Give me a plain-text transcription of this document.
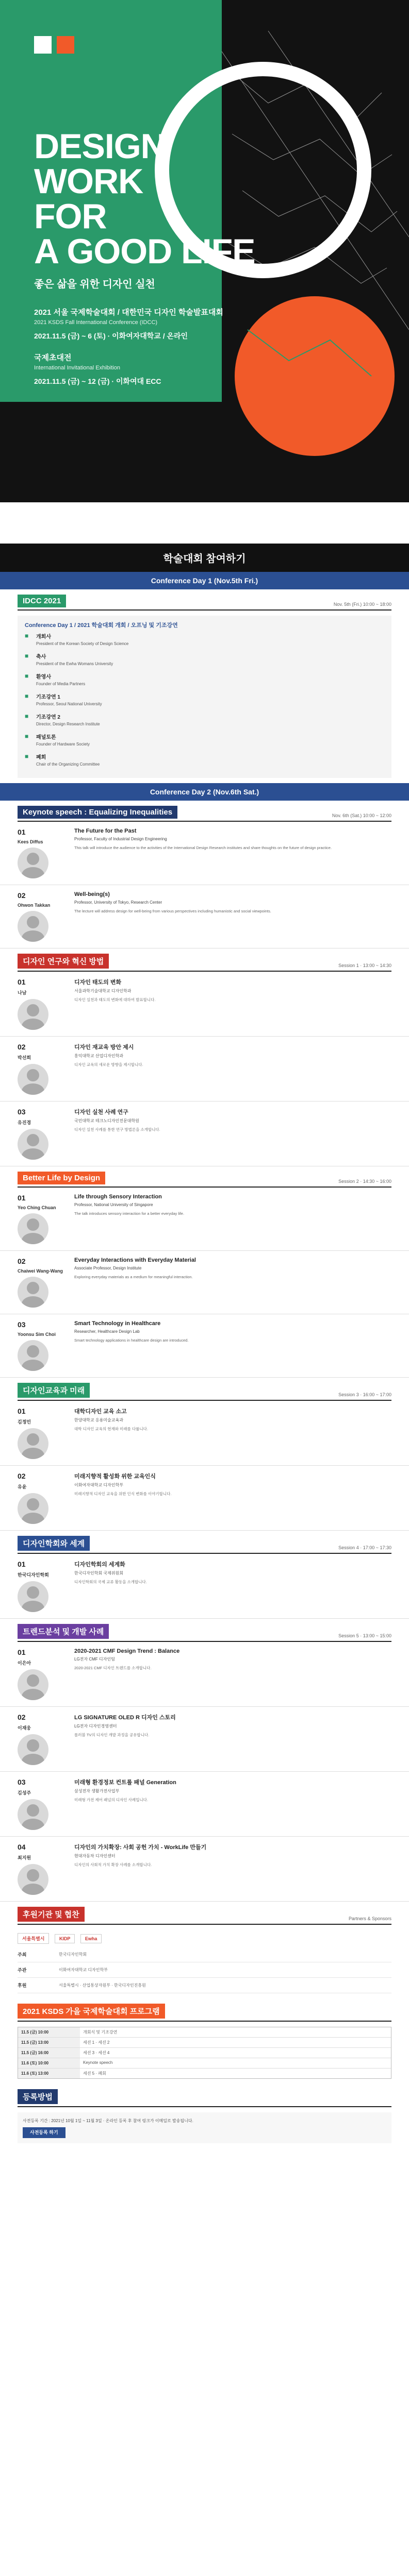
DESIGN
WORK
FOR
A GOOD LIFE
좋은 삶을 위한 디자인 실천
2021 서울 국제학술대회 / 대한민국 디자인 학술발표대회
2021 KSDS Fall International Conference (IDCC)
2021.11.5 (금) ~ 6 (토) · 이화여자대학교 / 온라인
국제초대전
International Invitational Exhibition
2021.11.5 (금) ~ 12 (금) · 이화여대 ECC
학술대회 참여하기
Conference Day 1 (Nov.5th Fri.)
IDCC 2021	Nov. 5th (Fri.) 10:00 ~ 18:00
Conference Day 1 / 2021 학술대회 개회 / 오프닝 및 기조강연
■	개회사
President of the Korean Society of Design Science
■	축사
President of the Ewha Womans University
■	환영사
Founder of Media Partners
■	기조강연 1
Professor, Seoul National University
■	기조강연 2
Director, Design Research Institute
■	패널토론
Founder of Hardware Society
■	폐회
Chair of the Organizing Committee
Conference Day 2 (Nov.6th Sat.)
Keynote speech : Equalizing Inequalities	Nov. 6th (Sat.) 10:00 ~ 12:00
01
Kees Diffus
The Future for the Past
Professor, Faculty of Industrial Design Engineering
This talk will introduce the audience to the activities of the International Design Research institutes and share thoughts on the future of design practice.
02
Ohwon Takkan
Well-being(s)
Professor, University of Tokyo, Research Center
The lecture will address design for well-being from various perspectives including humanistic and social viewpoints.
디자인 연구와 혁신 방법	Session 1 · 13:00 ~ 14:30
01
나남
디자인 태도의 변화
서울과학기술대학교 디자인학과
디자인 실천과 태도의 변화에 대하여 발표합니다.
02
박선희
디자인 재교육 방안 제시
홍익대학교 산업디자인학과
디자인 교육의 새로운 방향을 제시합니다.
03
유진경
디자인 실천 사례 연구
국민대학교 테크노디자인전문대학원
디자인 실천 사례를 통한 연구 방법론을 소개합니다.
Better Life by Design	Session 2 · 14:30 ~ 16:00
01
Yeo Ching Chuan
Life through Sensory Interaction
Professor, National University of Singapore
The talk introduces sensory interaction for a better everyday life.
02
Chaiwei Wang-Wang
Everyday Interactions with Everyday Material
Associate Professor, Design Institute
Exploring everyday materials as a medium for meaningful interaction.
03
Yoonsu Sim Choi
Smart Technology in Healthcare
Researcher, Healthcare Design Lab
Smart technology applications in healthcare design are introduced.
디자인교육과 미래	Session 3 · 16:00 ~ 17:00
01
김정민
대학디자인 교육 소고
한양대학교 응용미술교육과
대학 디자인 교육의 현재와 미래를 다룹니다.
02
유윤
미래지향적 활성화 위한 교육인식
이화여자대학교 디자인학부
미래지향적 디자인 교육을 위한 인식 변화를 이야기합니다.
디자인학회와 세계	Session 4 · 17:00 ~ 17:30
01
한국디자인학회
디자인학회의 세계화
한국디자인학회 국제위원회
디자인학회의 국제 교류 활동을 소개합니다.
트렌드분석 및 개발 사례	Session 5 · 13:00 ~ 15:00
01
이은아
2020-2021 CMF Design Trend : Balance
LG전자 CMF 디자인팀
2020-2021 CMF 디자인 트렌드를 소개합니다.
02
이재웅
LG SIGNATURE OLED R 디자인 스토리
LG전자 디자인경영센터
롤러블 TV의 디자인 개발 과정을 공유합니다.
03
김성주
미래형 환경정보 컨트롤 패널 Generation
삼성전자 생활가전사업부
미래형 가전 제어 패널의 디자인 사례입니다.
04
최지원
디자인의 가치확장: 사회 공헌 가치 - WorkLife 만들기
현대자동차 디자인센터
디자인의 사회적 가치 확장 사례를 소개합니다.
후원기관 및 협찬	Partners & Sponsors
서울특별시	KIDP	Ewha
주최	한국디자인학회
주관	이화여자대학교 디자인학부
후원	서울특별시 · 산업통상자원부 · 한국디자인진흥원
2021 KSDS 가을 국제학술대회 프로그램
11.5 (금) 10:00	개회식 및 기조강연
11.5 (금) 13:00	세션 1 · 세션 2
11.5 (금) 16:00	세션 3 · 세션 4
11.6 (토) 10:00	Keynote speech
11.6 (토) 13:00	세션 5 · 폐회
등록방법
사전등록 기간 : 2021년 10월 1일 ~ 11월 3일 · 온라인 등록 후 참여 링크가 이메일로 발송됩니다.
사전등록 하기
